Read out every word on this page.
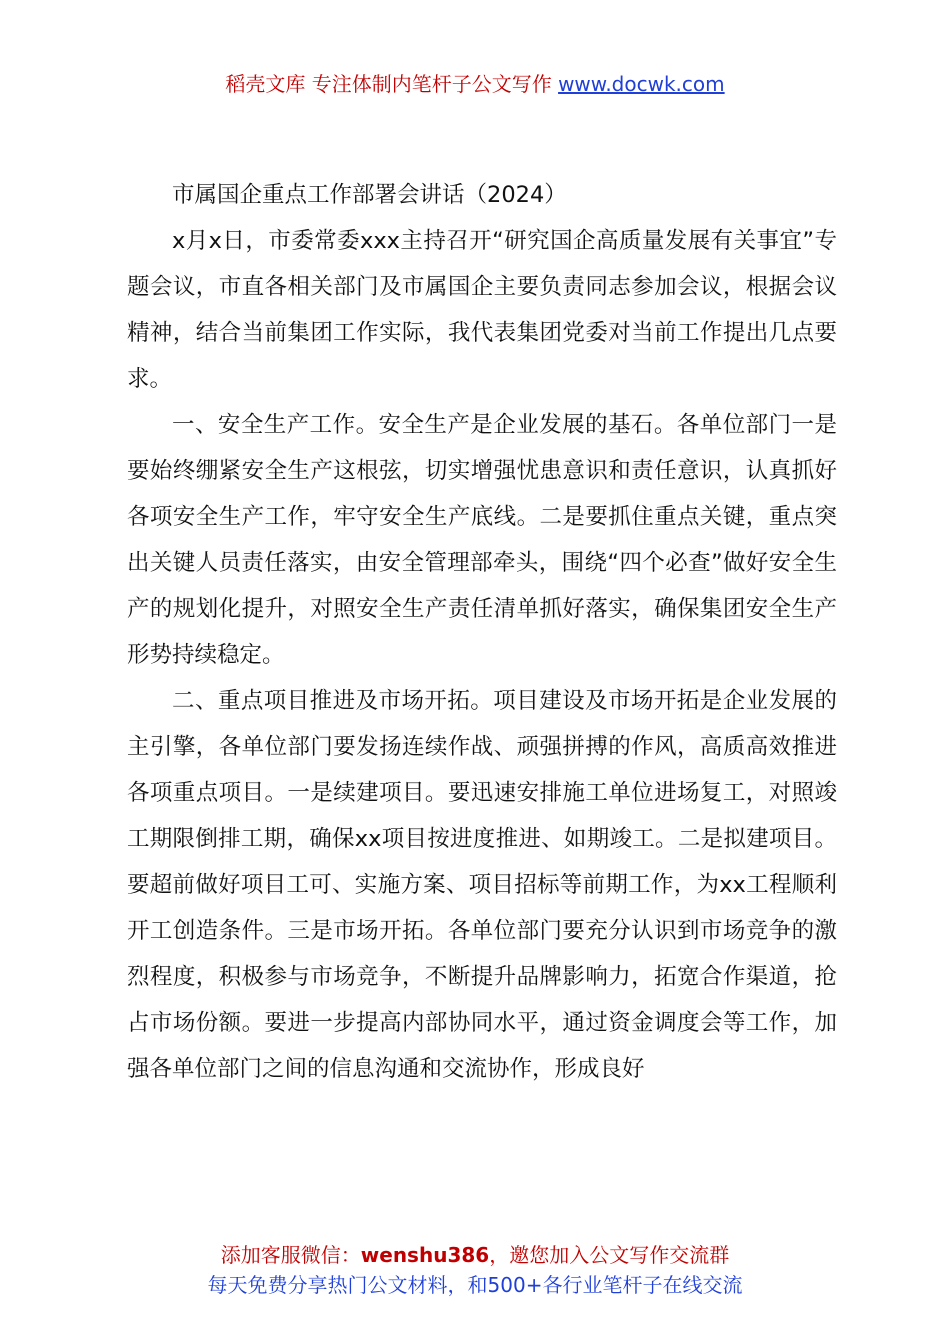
稻壳文库 专注体制内笔杆子公文写作 www.docwk.com

市属国企重点工作部署会讲话（2024）

x月x日，市委常委xxx主持召开“研究国企高质量发展有关事宜”专题会议，市直各相关部门及市属国企主要负责同志参加会议，根据会议精神，结合当前集团工作实际，我代表集团党委对当前工作提出几点要求。

一、安全生产工作。安全生产是企业发展的基石。各单位部门一是要始终绷紧安全生产这根弦，切实增强忧患意识和责任意识，认真抓好各项安全生产工作，牢守安全生产底线。二是要抓住重点关键，重点突出关键人员责任落实，由安全管理部牵头，围绕“四个必查”做好安全生产的规划化提升，对照安全生产责任清单抓好落实，确保集团安全生产形势持续稳定。

二、重点项目推进及市场开拓。项目建设及市场开拓是企业发展的主引擎，各单位部门要发扬连续作战、顽强拼搏的作风，高质高效推进各项重点项目。一是续建项目。要迅速安排施工单位进场复工，对照竣工期限倒排工期，确保xx项目按进度推进、如期竣工。二是拟建项目。要超前做好项目工可、实施方案、项目招标等前期工作，为xx工程顺利开工创造条件。三是市场开拓。各单位部门要充分认识到市场竞争的激烈程度，积极参与市场竞争，不断提升品牌影响力，拓宽合作渠道，抢占市场份额。要进一步提高内部协同水平，通过资金调度会等工作，加强各单位部门之间的信息沟通和交流协作，形成良好

添加客服微信：wenshu386，邀您加入公文写作交流群
每天免费分享热门公文材料，和500+各行业笔杆子在线交流
